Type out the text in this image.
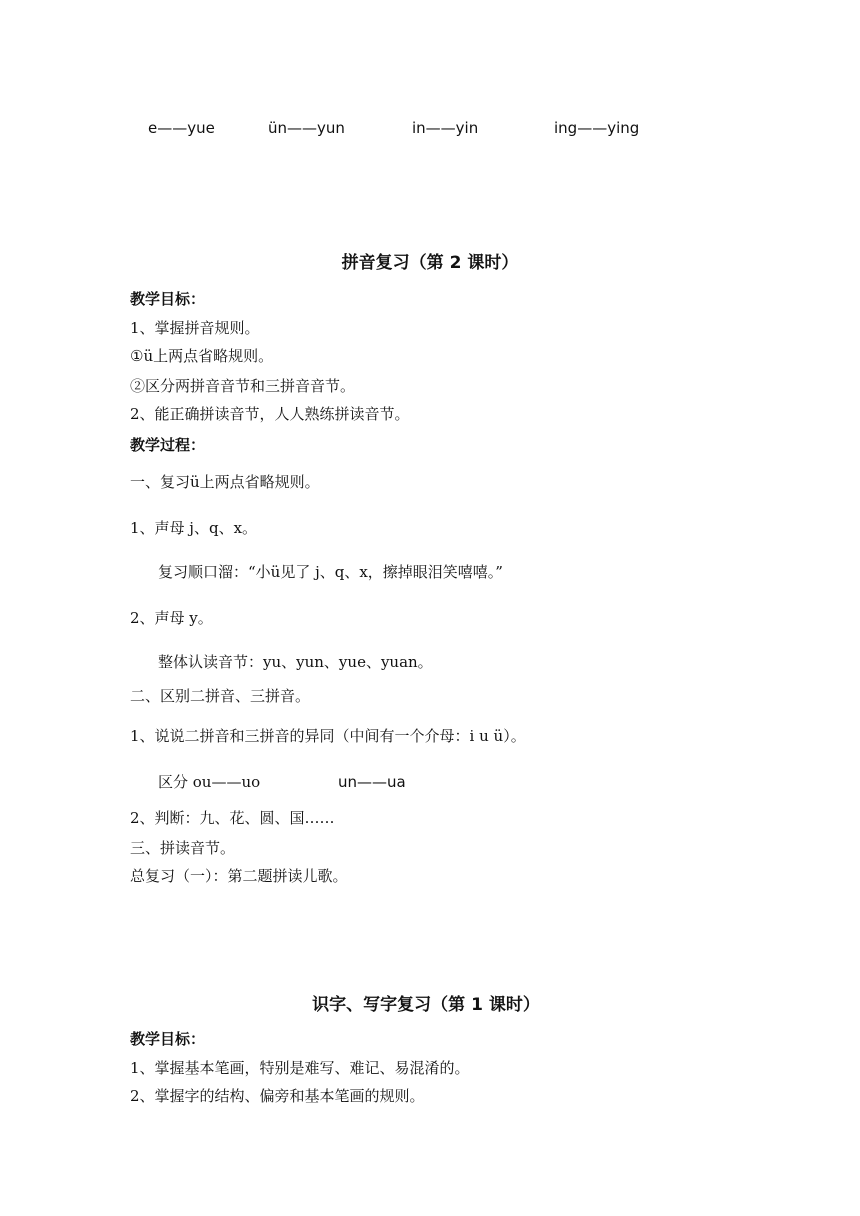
e——yue	ün——yun	in——yin	ing——ying
拼音复习（第 2 课时）
教学目标：
1、掌握拼音规则。
①ü上两点省略规则。
②区分两拼音音节和三拼音音节。
2、能正确拼读音节，人人熟练拼读音节。
教学过程：
一、复习ü上两点省略规则。
1、声母 j、q、x。
复习顺口溜：“小ü见了 j、q、x，擦掉眼泪笑嘻嘻。”
2、声母 y。
整体认读音节：yu、yun、yue、yuan。
二、区别二拼音、三拼音。
1、说说二拼音和三拼音的异同（中间有一个介母：i u ü）。
区分 ou——uo	un——ua
2、判断：九、花、圆、国……
三、拼读音节。
总复习（一）：第二题拼读儿歌。
识字、写字复习（第 1 课时）
教学目标：
1、掌握基本笔画，特别是难写、难记、易混淆的。
2、掌握字的结构、偏旁和基本笔画的规则。
